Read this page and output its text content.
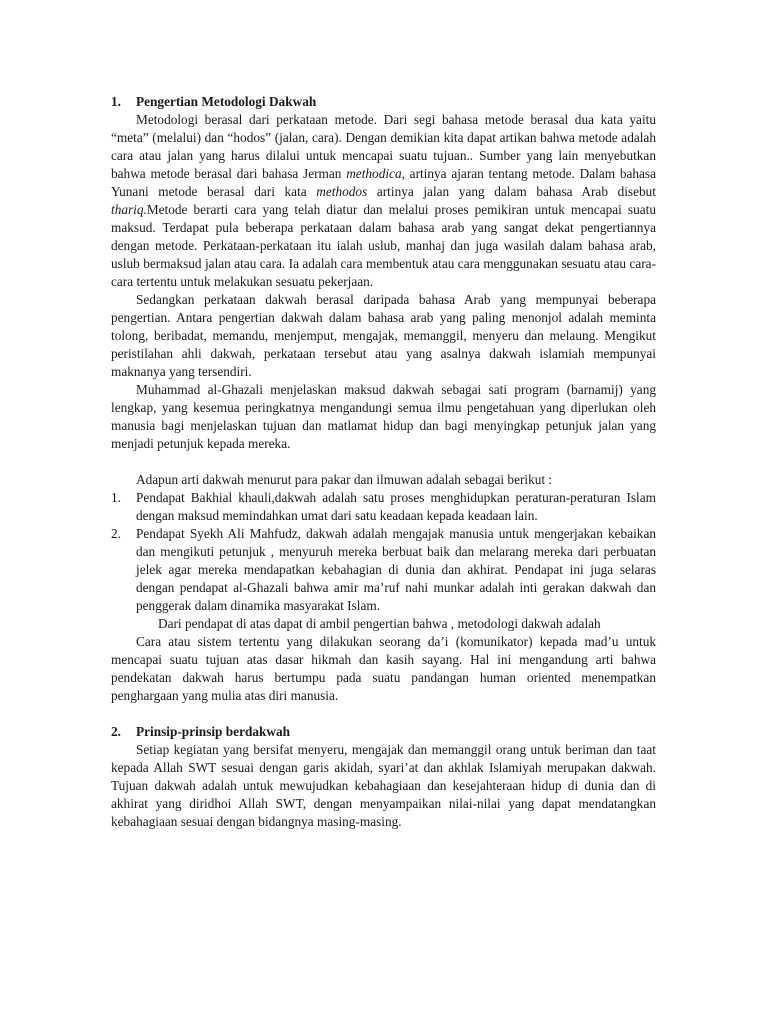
1. Pengertian Metodologi Dakwah

Metodologi berasal dari perkataan metode. Dari segi bahasa metode berasal dua kata yaitu “meta” (melalui) dan “hodos” (jalan, cara). Dengan demikian kita dapat artikan bahwa metode adalah cara atau jalan yang harus dilalui untuk mencapai suatu tujuan.. Sumber yang lain menyebutkan bahwa metode berasal dari bahasa Jerman methodica, artinya ajaran tentang metode. Dalam bahasa Yunani metode berasal dari kata methodos artinya jalan yang dalam bahasa Arab disebut thariq.Metode berarti cara yang telah diatur dan melalui proses pemikiran untuk mencapai suatu maksud. Terdapat pula beberapa perkataan dalam bahasa arab yang sangat dekat pengertiannya dengan metode. Perkataan-perkataan itu ialah uslub, manhaj dan juga wasilah dalam bahasa arab, uslub bermaksud jalan atau cara. Ia adalah cara membentuk atau cara menggunakan sesuatu atau cara-cara tertentu untuk melakukan sesuatu pekerjaan.

Sedangkan perkataan dakwah berasal daripada bahasa Arab yang mempunyai beberapa pengertian. Antara pengertian dakwah dalam bahasa arab yang paling menonjol adalah meminta tolong, beribadat, memandu, menjemput, mengajak, memanggil, menyeru dan melaung. Mengikut peristilahan ahli dakwah, perkataan tersebut atau yang asalnya dakwah islamiah mempunyai maknanya yang tersendiri.

Muhammad al-Ghazali menjelaskan maksud dakwah sebagai sati program (barnamij) yang lengkap, yang kesemua peringkatnya mengandungi semua ilmu pengetahuan yang diperlukan oleh manusia bagi menjelaskan tujuan dan matlamat hidup dan bagi menyingkap petunjuk jalan yang menjadi petunjuk kepada mereka.

Adapun arti dakwah menurut para pakar dan ilmuwan adalah sebagai berikut :

1. Pendapat Bakhial khauli,dakwah adalah satu proses menghidupkan peraturan-peraturan Islam dengan maksud memindahkan umat dari satu keadaan kepada keadaan lain.
2. Pendapat Syekh Ali Mahfudz, dakwah adalah mengajak manusia untuk mengerjakan kebaikan dan mengikuti petunjuk , menyuruh mereka berbuat baik dan melarang mereka dari perbuatan jelek agar mereka mendapatkan kebahagian di dunia dan akhirat. Pendapat ini juga selaras dengan pendapat al-Ghazali bahwa amir ma’ruf nahi munkar adalah inti gerakan dakwah dan penggerak dalam dinamika masyarakat Islam.

Dari pendapat di atas dapat di ambil pengertian bahwa , metodologi dakwah adalah

Cara atau sistem tertentu yang dilakukan seorang da’i (komunikator) kepada mad’u untuk mencapai suatu tujuan atas dasar hikmah dan kasih sayang. Hal ini mengandung arti bahwa pendekatan dakwah harus bertumpu pada suatu pandangan human oriented menempatkan penghargaan yang mulia atas diri manusia.

2. Prinsip-prinsip berdakwah

Setiap kegiatan yang bersifat menyeru, mengajak dan memanggil orang untuk beriman dan taat kepada Allah SWT sesuai dengan garis akidah, syari’at dan akhlak Islamiyah merupakan dakwah. Tujuan dakwah adalah untuk mewujudkan kebahagiaan dan kesejahteraan hidup di dunia dan di akhirat yang diridhoi Allah SWT, dengan menyampaikan nilai-nilai yang dapat mendatangkan kebahagiaan sesuai dengan bidangnya masing-masing.
